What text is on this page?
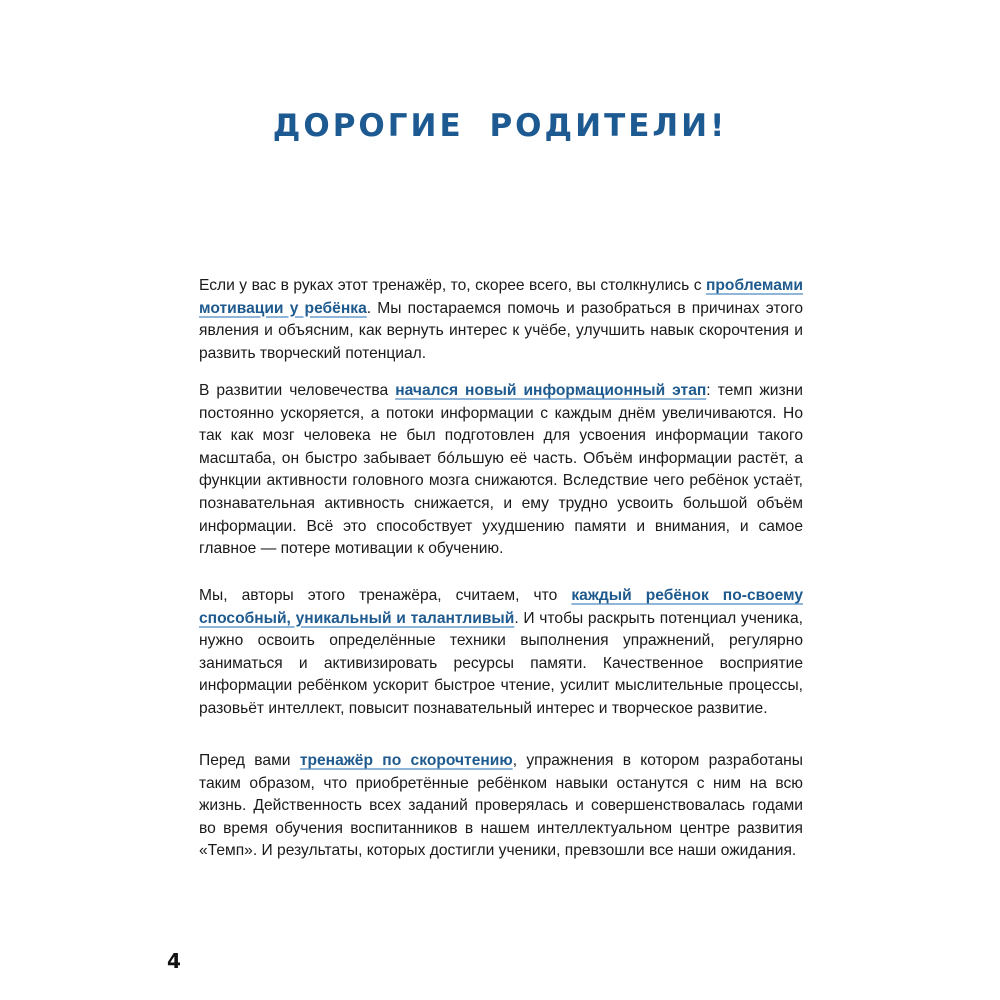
ДОРОГИЕ РОДИТЕЛИ!

Если у вас в руках этот тренажёр, то, скорее всего, вы столкнулись с проблемами мотивации у ребёнка. Мы постараемся помочь и разобраться в причинах этого явления и объясним, как вернуть интерес к учёбе, улучшить навык скорочтения и развить творческий потенциал.

В развитии человечества начался новый информационный этап: темп жизни постоянно ускоряется, а потоки информации с каждым днём увеличиваются. Но так как мозг человека не был подготовлен для усвоения информации такого масштаба, он быстро забывает бóльшую её часть. Объём информации растёт, а функции активности головного мозга снижаются. Вследствие чего ребёнок устаёт, познавательная активность снижается, и ему трудно усвоить большой объём информации. Всё это способствует ухудшению памяти и внимания, и самое главное — потере мотивации к обучению.

Мы, авторы этого тренажёра, считаем, что каждый ребёнок по-своему способный, уникальный и талантливый. И чтобы раскрыть потенциал ученика, нужно освоить определённые техники выполнения упражнений, регулярно заниматься и активизировать ресурсы памяти. Качественное восприятие информации ребёнком ускорит быстрое чтение, усилит мыслительные процессы, разовьёт интеллект, повысит познавательный интерес и творческое развитие.

Перед вами тренажёр по скорочтению, упражнения в котором разработаны таким образом, что приобретённые ребёнком навыки останутся с ним на всю жизнь. Действенность всех заданий проверялась и совершенствовалась годами во время обучения воспитанников в нашем интеллектуальном центре развития «Темп». И результаты, которых достигли ученики, превзошли все наши ожидания.

4
